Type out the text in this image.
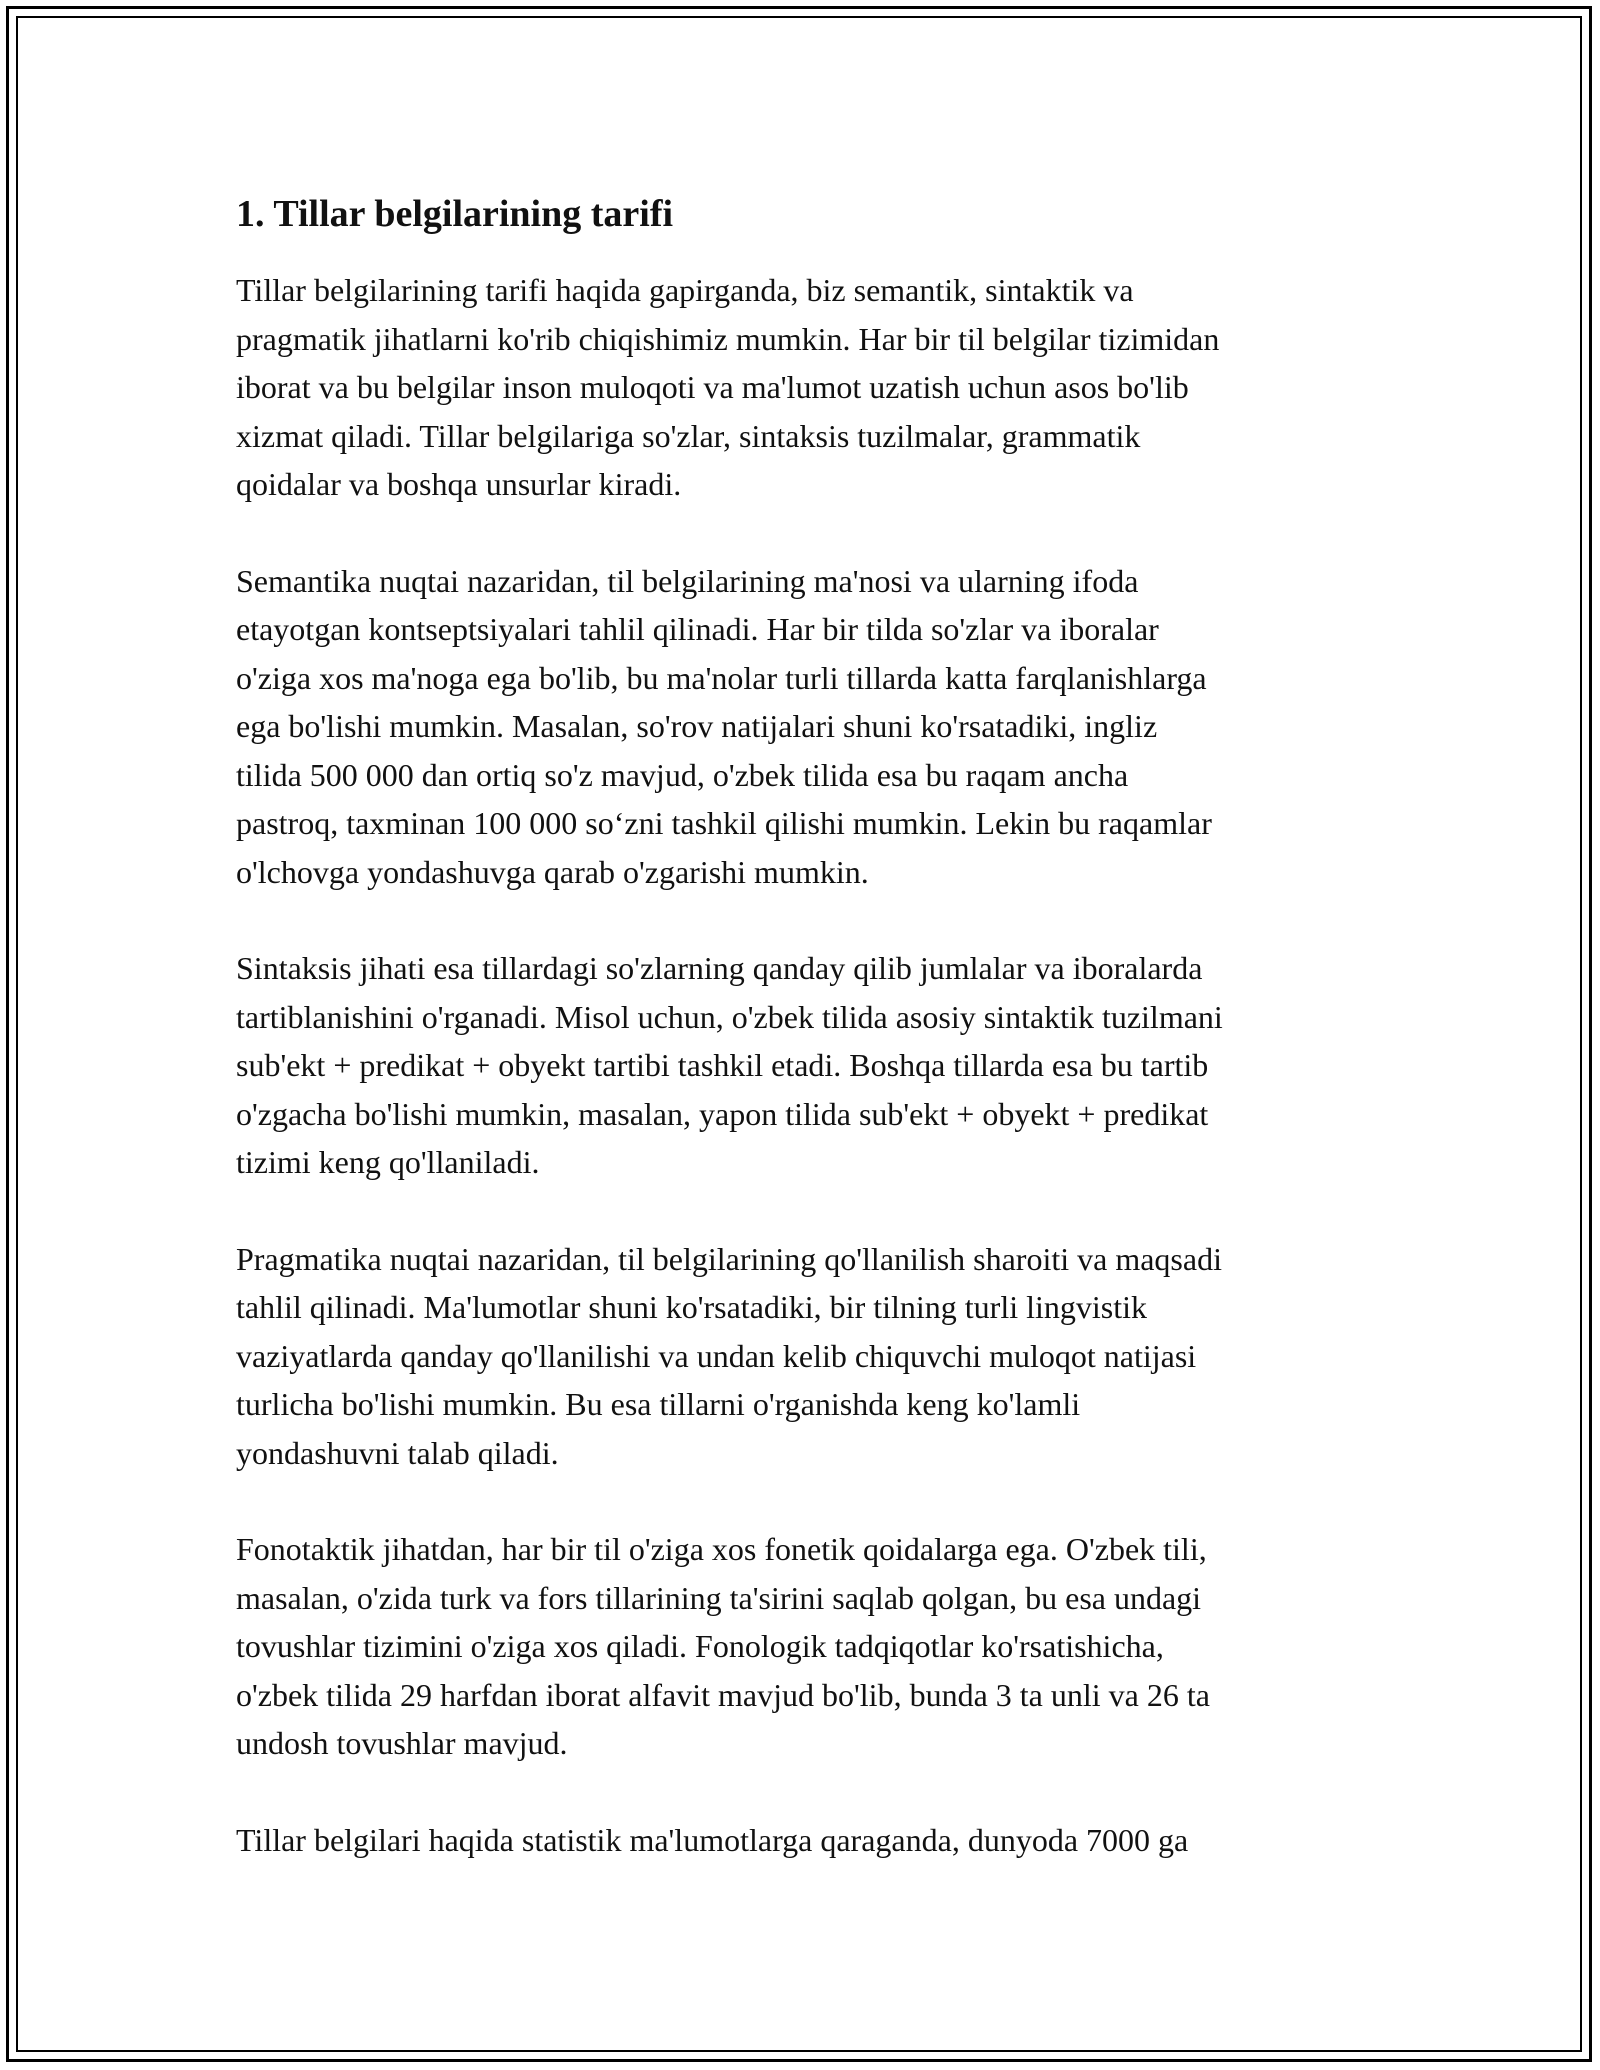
1. Tillar belgilarining tarifi

Tillar belgilarining tarifi haqida gapirganda, biz semantik, sintaktik va
pragmatik jihatlarni ko'rib chiqishimiz mumkin. Har bir til belgilar tizimidan
iborat va bu belgilar inson muloqoti va ma'lumot uzatish uchun asos bo'lib
xizmat qiladi. Tillar belgilariga so'zlar, sintaksis tuzilmalar, grammatik
qoidalar va boshqa unsurlar kiradi.

Semantika nuqtai nazaridan, til belgilarining ma'nosi va ularning ifoda
etayotgan kontseptsiyalari tahlil qilinadi. Har bir tilda so'zlar va iboralar
o'ziga xos ma'noga ega bo'lib, bu ma'nolar turli tillarda katta farqlanishlarga
ega bo'lishi mumkin. Masalan, so'rov natijalari shuni ko'rsatadiki, ingliz
tilida 500 000 dan ortiq so'z mavjud, o'zbek tilida esa bu raqam ancha
pastroq, taxminan 100 000 so‘zni tashkil qilishi mumkin. Lekin bu raqamlar
o'lchovga yondashuvga qarab o'zgarishi mumkin.

Sintaksis jihati esa tillardagi so'zlarning qanday qilib jumlalar va iboralarda
tartiblanishini o'rganadi. Misol uchun, o'zbek tilida asosiy sintaktik tuzilmani
sub'ekt + predikat + obyekt tartibi tashkil etadi. Boshqa tillarda esa bu tartib
o'zgacha bo'lishi mumkin, masalan, yapon tilida sub'ekt + obyekt + predikat
tizimi keng qo'llaniladi.

Pragmatika nuqtai nazaridan, til belgilarining qo'llanilish sharoiti va maqsadi
tahlil qilinadi. Ma'lumotlar shuni ko'rsatadiki, bir tilning turli lingvistik
vaziyatlarda qanday qo'llanilishi va undan kelib chiquvchi muloqot natijasi
turlicha bo'lishi mumkin. Bu esa tillarni o'rganishda keng ko'lamli
yondashuvni talab qiladi.

Fonotaktik jihatdan, har bir til o'ziga xos fonetik qoidalarga ega. O'zbek tili,
masalan, o'zida turk va fors tillarining ta'sirini saqlab qolgan, bu esa undagi
tovushlar tizimini o'ziga xos qiladi. Fonologik tadqiqotlar ko'rsatishicha,
o'zbek tilida 29 harfdan iborat alfavit mavjud bo'lib, bunda 3 ta unli va 26 ta
undosh tovushlar mavjud.

Tillar belgilari haqida statistik ma'lumotlarga qaraganda, dunyoda 7000 ga
